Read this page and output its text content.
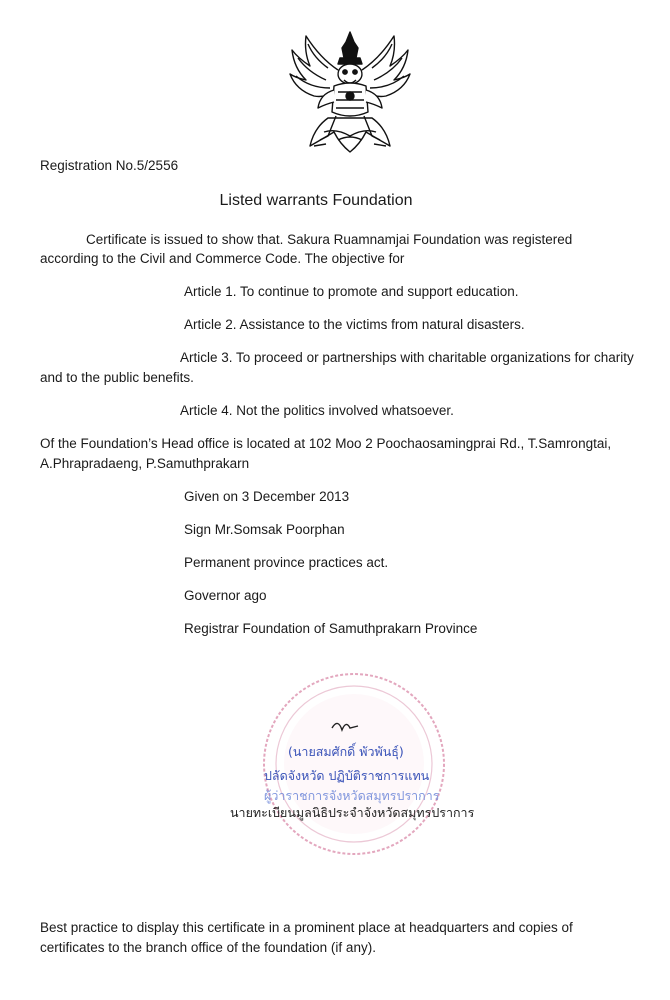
Registration No.5/2556

Listed warrants Foundation

Certificate is issued to show that. Sakura Ruamnamjai Foundation was registered according to the Civil and Commerce Code. The objective for

Article 1. To continue to promote and support education.

Article 2. Assistance to the victims from natural disasters.

Article 3. To proceed or partnerships with charitable organizations for charity

and to the public benefits.

Article 4. Not the politics involved whatsoever.

Of the Foundation’s Head office is located at 102 Moo 2 Poochaosamingprai Rd., T.Samrongtai,

A.Phrapradaeng, P.Samuthprakarn

Given on 3 December 2013

Sign Mr.Somsak Poorphan

Permanent province practices act.

Governor ago

Registrar Foundation of Samuthprakarn Province

(นายสมศักดิ์ พัวพันธุ์)
ปลัดจังหวัด ปฏิบัติราชการแทน
ผู้ว่าราชการจังหวัดสมุทรปราการ
นายทะเบียนมูลนิธิประจำจังหวัดสมุทรปราการ

Best practice to display this certificate in a prominent place at headquarters and copies of

certificates to the branch office of the foundation (if any).
